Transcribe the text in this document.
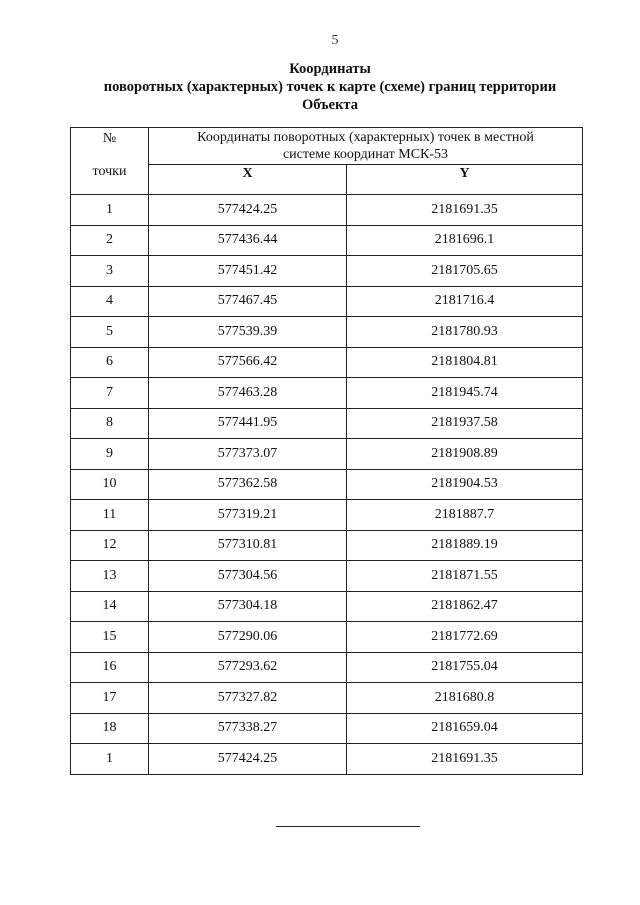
5
Координаты
поворотных (характерных) точек к карте (схеме) границ территории
Объекта
№
точки	Координаты поворотных (характерных) точек в местной
системе координат МСК-53	
	X	Y
1	577424.25	2181691.35
2	577436.44	2181696.1
3	577451.42	2181705.65
4	577467.45	2181716.4
5	577539.39	2181780.93
6	577566.42	2181804.81
7	577463.28	2181945.74
8	577441.95	2181937.58
9	577373.07	2181908.89
10	577362.58	2181904.53
11	577319.21	2181887.7
12	577310.81	2181889.19
13	577304.56	2181871.55
14	577304.18	2181862.47
15	577290.06	2181772.69
16	577293.62	2181755.04
17	577327.82	2181680.8
18	577338.27	2181659.04
1	577424.25	2181691.35
